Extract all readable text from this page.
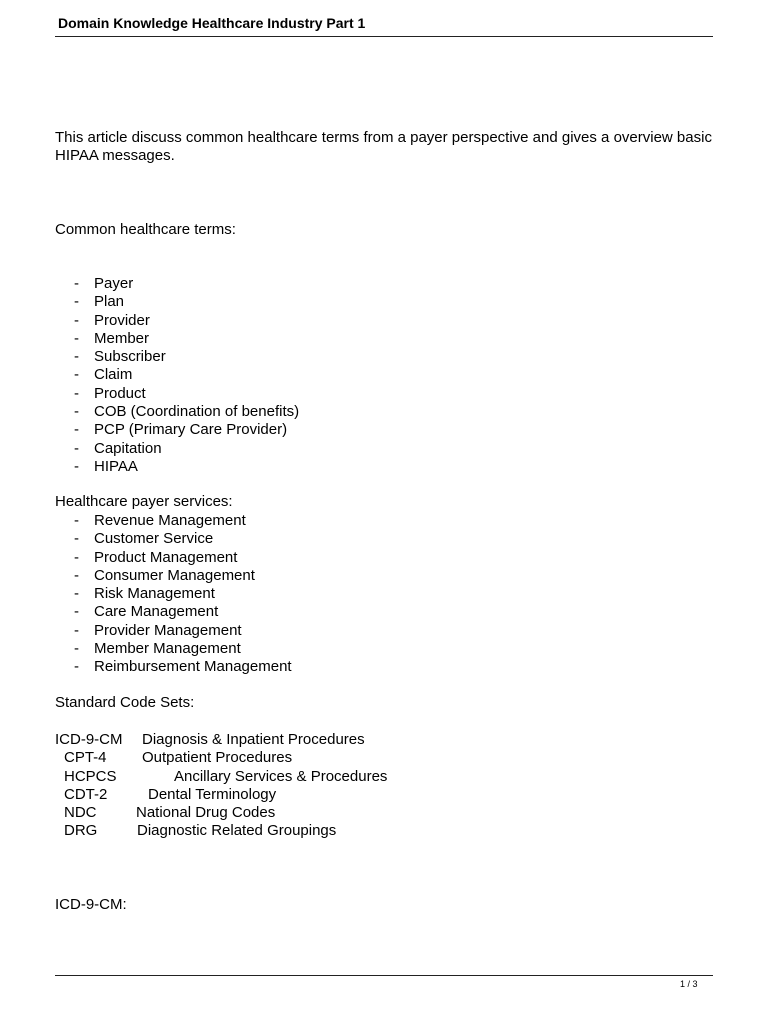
Domain Knowledge Healthcare Industry Part 1
This article discuss common healthcare terms from a payer perspective and gives a overview basic HIPAA messages.
Common healthcare terms:
- Payer
- Plan
- Provider
- Member
- Subscriber
- Claim
- Product
- COB (Coordination of benefits)
- PCP (Primary Care Provider)
- Capitation
- HIPAA
Healthcare payer services:
- Revenue Management
- Customer Service
- Product Management
- Consumer Management
- Risk Management
- Care Management
- Provider Management
- Member Management
- Reimbursement Management
Standard Code Sets:
ICD-9-CM Diagnosis & Inpatient Procedures
CPT-4 Outpatient Procedures
HCPCS	Ancillary Services & Procedures
CDT-2	Dental Terminology
NDC	National Drug Codes
DRG	Diagnostic Related Groupings
ICD-9-CM:
1 / 3
